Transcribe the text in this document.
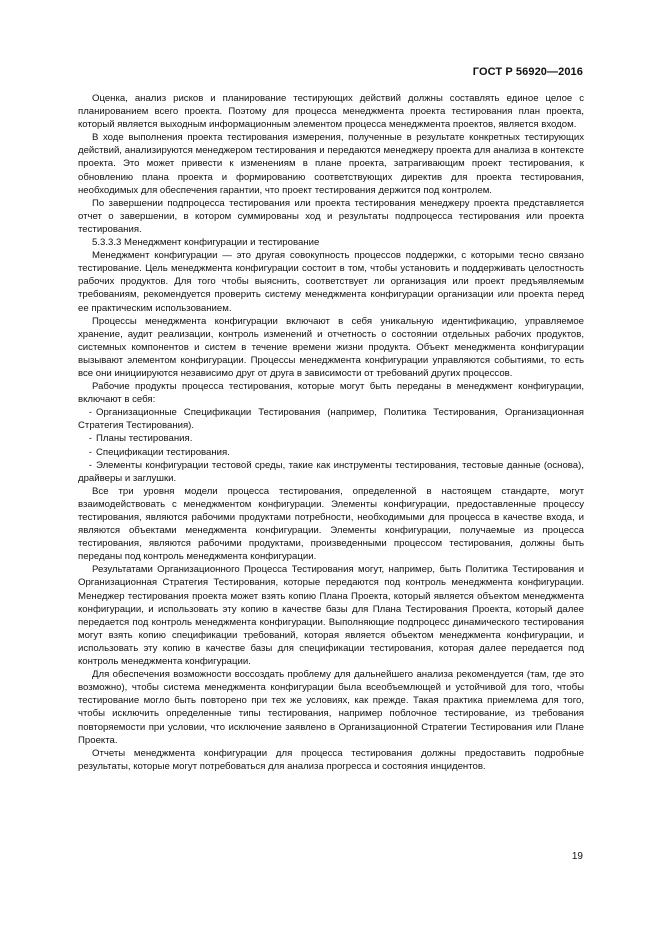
ГОСТ Р 56920—2016

Оценка, анализ рисков и планирование тестирующих действий должны составлять единое целое с планированием всего проекта. Поэтому для процесса менеджмента проекта тестирования план проекта, который является выходным информационным элементом процесса менеджмента проектов, является входом.

В ходе выполнения проекта тестирования измерения, полученные в результате конкретных тестирующих действий, анализируются менеджером тестирования и передаются менеджеру проекта для анализа в контексте проекта. Это может привести к изменениям в плане проекта, затрагивающим проект тестирования, к обновлению плана проекта и формированию соответствующих директив для проекта тестирования, необходимых для обеспечения гарантии, что проект тестирования держится под контролем.

По завершении подпроцесса тестирования или проекта тестирования менеджеру проекта представляется отчет о завершении, в котором суммированы ход и результаты подпроцесса тестирования или проекта тестирования.

5.3.3.3 Менеджмент конфигурации и тестирование

Менеджмент конфигурации — это другая совокупность процессов поддержки, с которыми тесно связано тестирование. Цель менеджмента конфигурации состоит в том, чтобы установить и поддерживать целостность рабочих продуктов. Для того чтобы выяснить, соответствует ли организация или проект предъявляемым требованиям, рекомендуется проверить систему менеджмента конфигурации организации или проекта перед ее практическим использованием.

Процессы менеджмента конфигурации включают в себя уникальную идентификацию, управляемое хранение, аудит реализации, контроль изменений и отчетность о состоянии отдельных рабочих продуктов, системных компонентов и систем в течение времени жизни продукта. Объект менеджмента конфигурации вызывают элементом конфигурации. Процессы менеджмента конфигурации управляются событиями, то есть все они инициируются независимо друг от друга в зависимости от требований других процессов.

Рабочие продукты процесса тестирования, которые могут быть переданы в менеджмент конфигурации, включают в себя:

- Организационные Спецификации Тестирования (например, Политика Тестирования, Организационная Стратегия Тестирования).

- Планы тестирования.

- Спецификации тестирования.

- Элементы конфигурации тестовой среды, такие как инструменты тестирования, тестовые данные (основа), драйверы и заглушки.

Все три уровня модели процесса тестирования, определенной в настоящем стандарте, могут взаимодействовать с менеджментом конфигурации. Элементы конфигурации, предоставленные процессу тестирования, являются рабочими продуктами потребности, необходимыми для процесса в качестве входа, и являются объектами менеджмента конфигурации. Элементы конфигурации, получаемые из процесса тестирования, являются рабочими продуктами, произведенными процессом тестирования, должны быть переданы под контроль менеджмента конфигурации.

Результатами Организационного Процесса Тестирования могут, например, быть Политика Тестирования и Организационная Стратегия Тестирования, которые передаются под контроль менеджмента конфигурации. Менеджер тестирования проекта может взять копию Плана Проекта, который является объектом менеджмента конфигурации, и использовать эту копию в качестве базы для Плана Тестирования Проекта, который далее передается под контроль менеджмента конфигурации. Выполняющие подпроцесс динамического тестирования могут взять копию спецификации требований, которая является объектом менеджмента конфигурации, и использовать эту копию в качестве базы для спецификации тестирования, которая далее передается под контроль менеджмента конфигурации.

Для обеспечения возможности воссоздать проблему для дальнейшего анализа рекомендуется (там, где это возможно), чтобы система менеджмента конфигурации была всеобъемлющей и устойчивой для того, чтобы тестирование могло быть повторено при тех же условиях, как прежде. Такая практика приемлема для того, чтобы исключить определенные типы тестирования, например поблочное тестирование, из требования повторяемости при условии, что исключение заявлено в Организационной Стратегии Тестирования или Плане Проекта.

Отчеты менеджмента конфигурации для процесса тестирования должны предоставить подробные результаты, которые могут потребоваться для анализа прогресса и состояния инцидентов.

19
